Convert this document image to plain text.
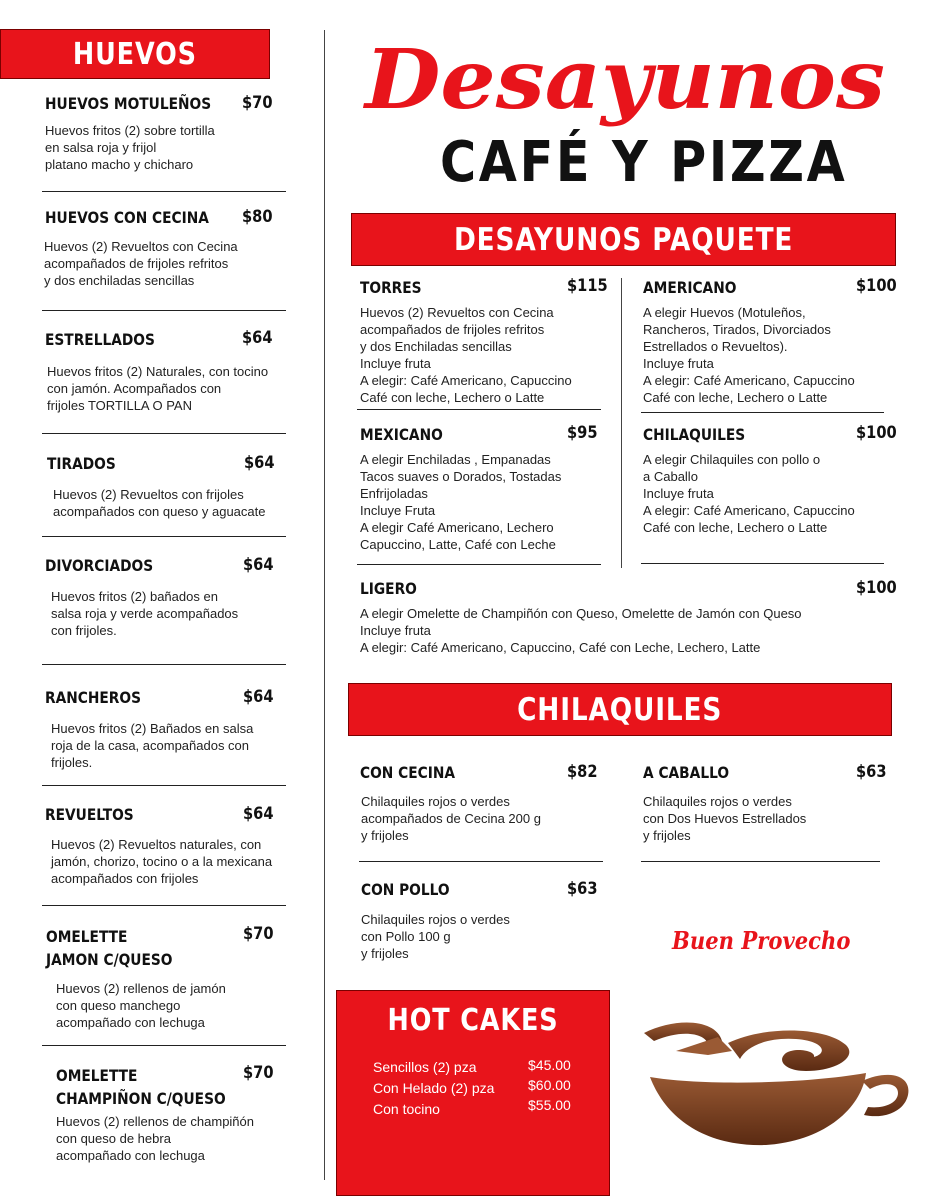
HUEVOS
HUEVOS MOTULEÑOS $70
Huevos fritos (2) sobre tortilla
en salsa roja y frijol
platano macho y chicharo
HUEVOS CON CECINA $80
Huevos (2) Revueltos con Cecina
acompañados de frijoles refritos
y dos enchiladas sencillas
ESTRELLADOS	$64
Huevos fritos (2) Naturales, con tocino
con jamón. Acompañados con
frijoles TORTILLA O PAN
TIRADOS	$64
Huevos (2) Revueltos con frijoles
acompañados con queso y aguacate
DIVORCIADOS	$64
Huevos fritos (2) bañados en
salsa roja y verde acompañados
con frijoles.
RANCHEROS	$64
Huevos fritos (2) Bañados en salsa
roja de la casa, acompañados con
frijoles.
REVUELTOS	$64
Huevos (2) Revueltos naturales, con
jamón, chorizo, tocino o a la mexicana
acompañados con frijoles
OMELETTE
JAMON C/QUESO
$70
Huevos (2) rellenos de jamón
con queso manchego
acompañado con lechuga
OMELETTE
CHAMPIÑON C/QUESO
$70
Huevos (2) rellenos de champiñón
con queso de hebra
acompañado con lechuga
Desayunos
CAFÉ Y PIZZA
DESAYUNOS PAQUETE
TORRES	$115
Huevos (2) Revueltos con Cecina
acompañados de frijoles refritos
y dos Enchiladas sencillas
Incluye fruta
A elegir: Café Americano, Capuccino
Café con leche, Lechero o Latte
AMERICANO	$100
A elegir Huevos (Motuleños,
Rancheros, Tirados, Divorciados
Estrellados o Revueltos).
Incluye fruta
A elegir: Café Americano, Capuccino
Café con leche, Lechero o Latte
MEXICANO	$95
A elegir Enchiladas , Empanadas
Tacos suaves o Dorados, Tostadas
Enfrijoladas
Incluye Fruta
A elegir Café Americano, Lechero
Capuccino, Latte, Café con Leche
CHILAQUILES	$100
A elegir Chilaquiles con pollo o
a Caballo
Incluye fruta
A elegir: Café Americano, Capuccino
Café con leche, Lechero o Latte
LIGERO	$100
A elegir Omelette de Champiñón con Queso, Omelette de Jamón con Queso
Incluye fruta
A elegir: Café Americano, Capuccino, Café con Leche, Lechero, Latte
CHILAQUILES
CON CECINA	$82
Chilaquiles rojos o verdes
acompañados de Cecina 200 g
y frijoles
A CABALLO	$63
Chilaquiles rojos o verdes
con Dos Huevos Estrellados
y frijoles
CON POLLO	$63
Chilaquiles rojos o verdes
con Pollo 100 g
y frijoles
HOT CAKES
Sencillos (2) pza	$45.00
Con Helado (2) pza $60.00
Con tocino	$55.00
Buen Provecho
